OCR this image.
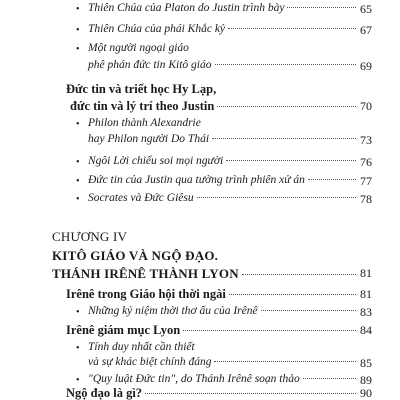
• Thiên Chúa của Platon do Justin trình bày	65
• Thiên Chúa của phái Khắc kỷ	67
• Một người ngoại giáo
phê phán đức tin Kitô giáo	69
Đức tin và triết học Hy Lạp,
đức tin và lý trí theo Justin	70
• Philon thành Alexandrie
hay Philon người Do Thái	73
• Ngôi Lời chiếu soi mọi người	76
• Đức tin của Justin qua tường trình phiên xử án	77
• Socrates và Đức Giêsu	78
CHƯƠNG IV
KITÔ GIÁO VÀ NGỘ ĐẠO.
THÁNH IRÊNÊ THÀNH LYON	81
Irênê trong Giáo hội thời ngài	81
• Những kỷ niệm thời thơ ấu của Irênê	83
Irênê giám mục Lyon	84
• Tính duy nhất cần thiết
và sự khác biệt chính đáng	85
• "Quy luật Đức tin", do Thánh Irênê soạn thảo	89
Ngộ đạo là gì?	90
